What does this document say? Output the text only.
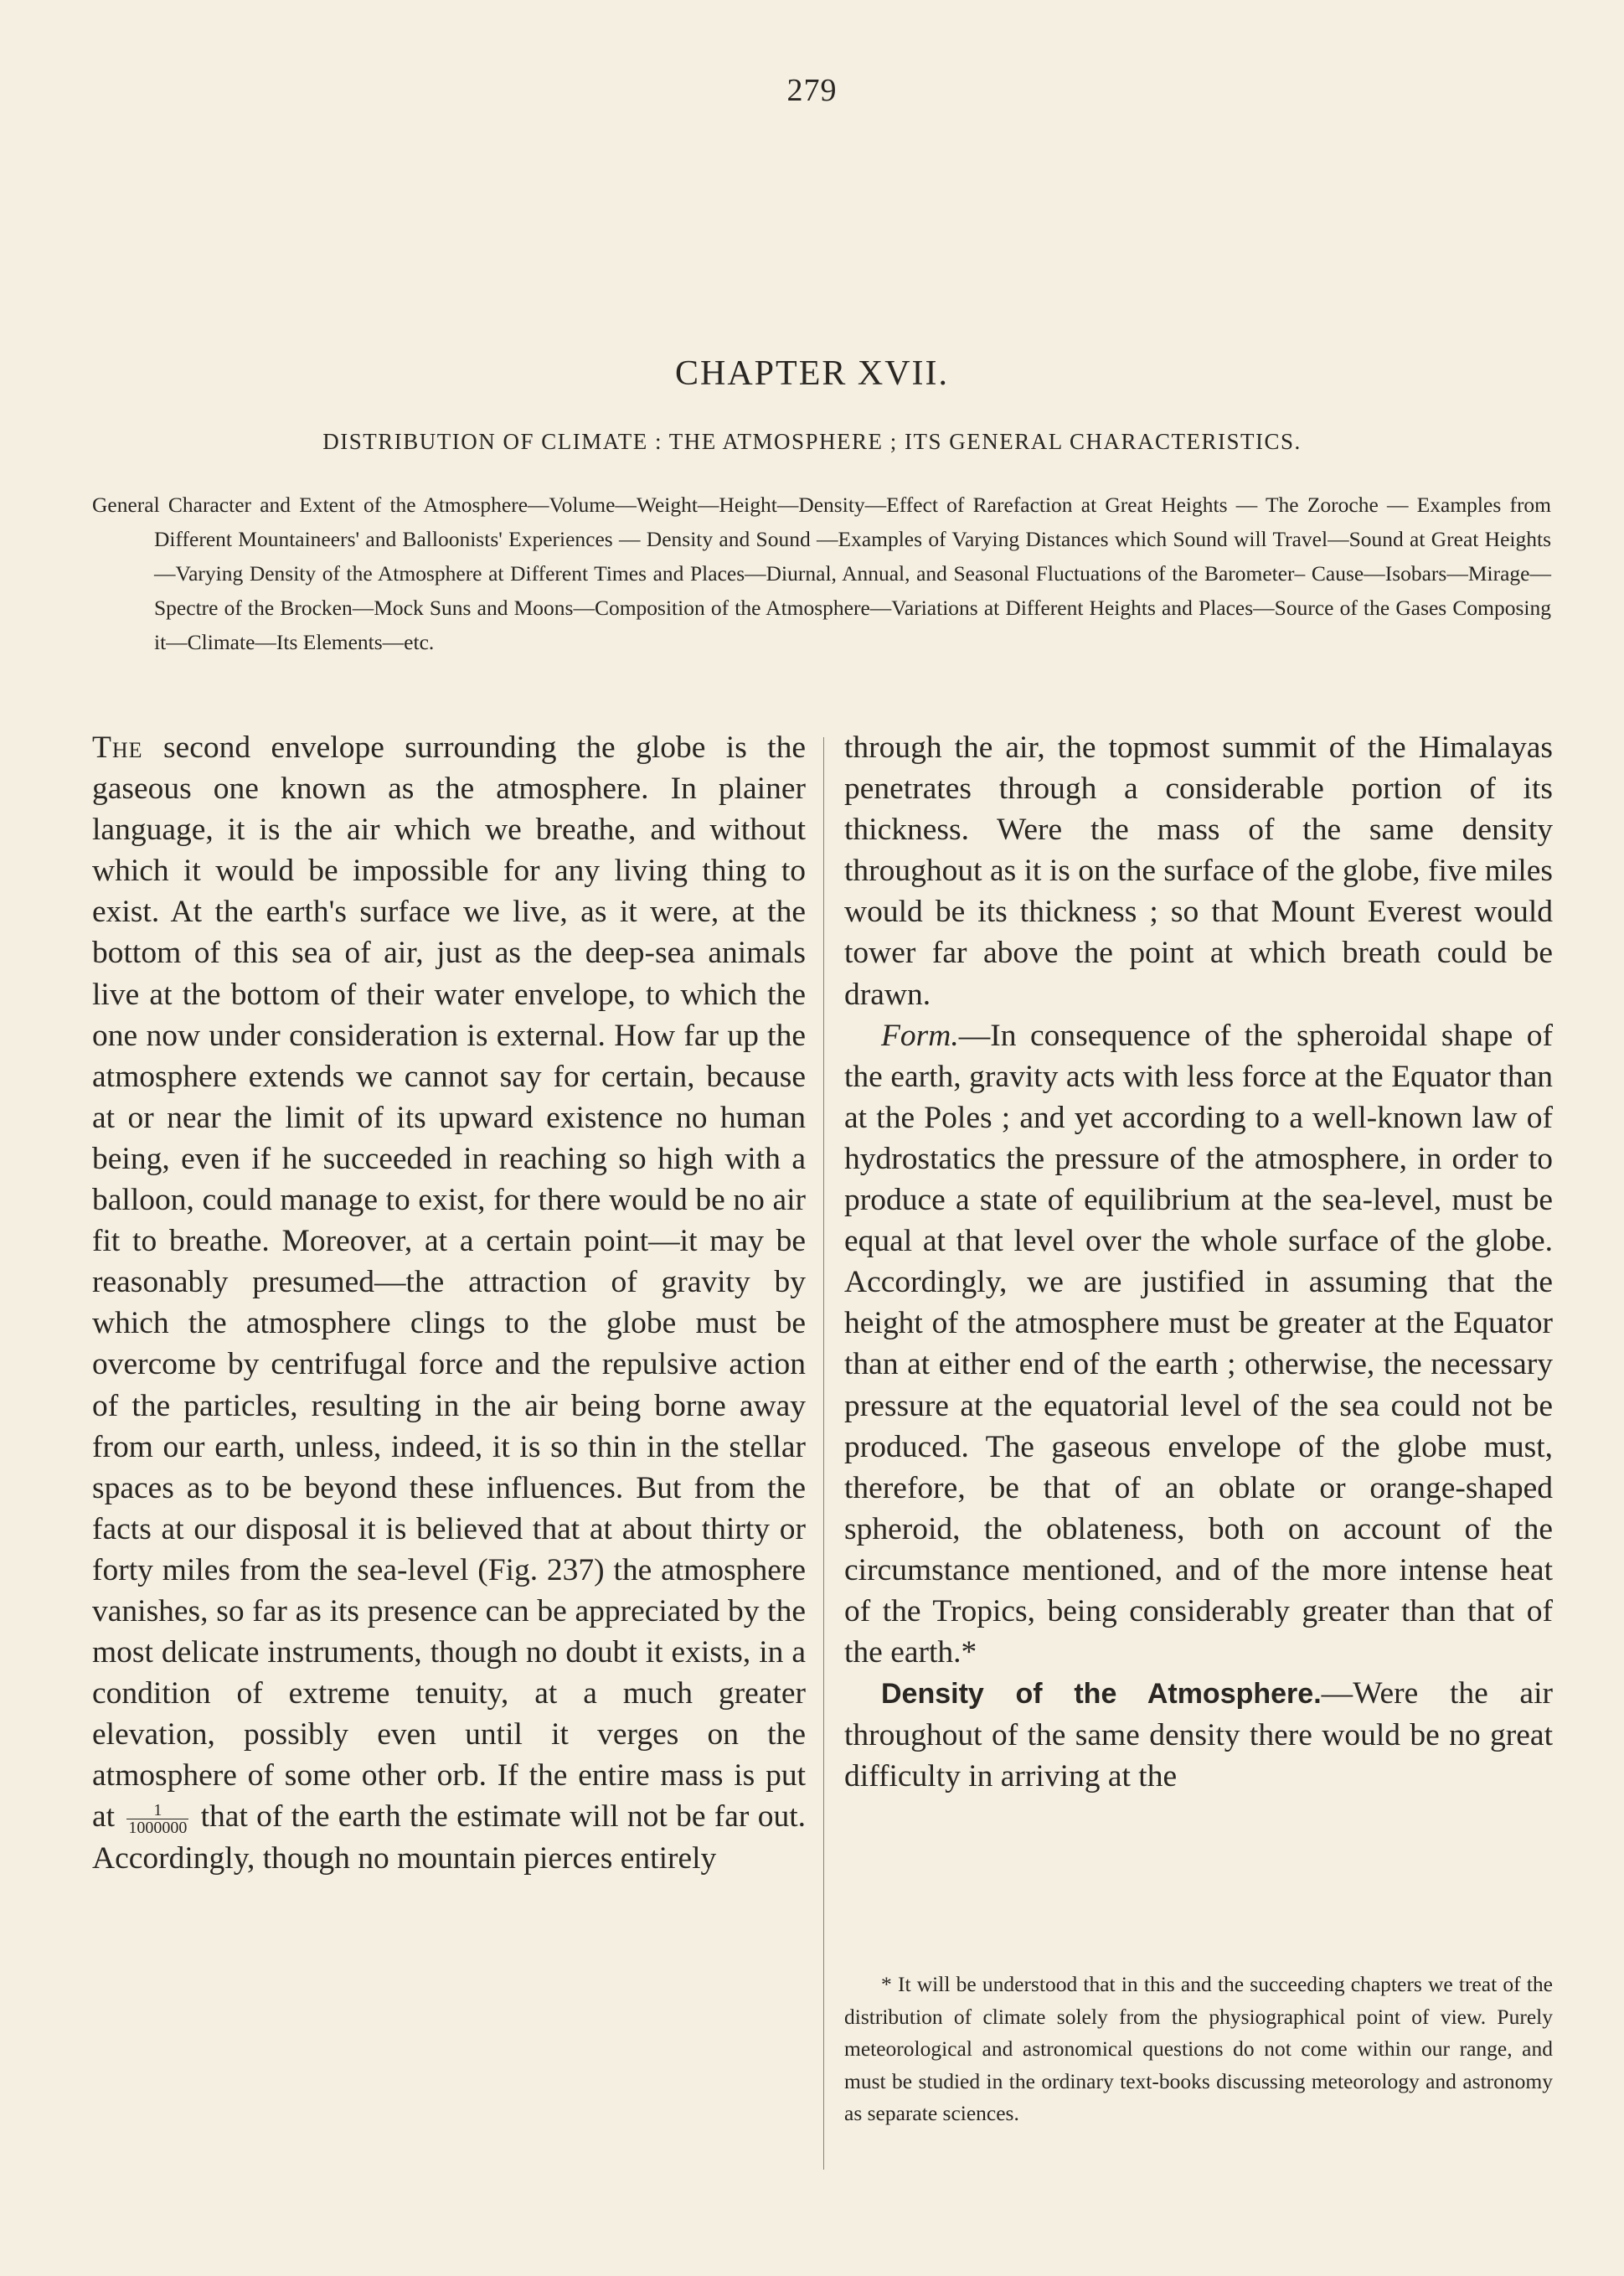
279
CHAPTER XVII.
DISTRIBUTION OF CLIMATE : THE ATMOSPHERE ; ITS GENERAL CHARACTERISTICS.
General Character and Extent of the Atmosphere—Volume—Weight—Height—Density—Effect of Rarefaction at Great Heights — The Zoroche — Examples from Different Mountaineers' and Balloonists' Experiences — Density and Sound —Examples of Varying Distances which Sound will Travel—Sound at Great Heights—Varying Density of the Atmosphere at Different Times and Places—Diurnal, Annual, and Seasonal Fluctuations of the Barometer– Cause—Isobars—Mirage—Spectre of the Brocken—Mock Suns and Moons—Composition of the Atmosphere—Variations at Different Heights and Places—Source of the Gases Composing it—Climate—Its Elements—etc.

The second envelope surrounding the globe is the gaseous one known as the atmosphere. In plainer language, it is the air which we breathe, and without which it would be impossible for any living thing to exist. At the earth's surface we live, as it were, at the bottom of this sea of air, just as the deep-sea animals live at the bottom of their water envelope, to which the one now under consideration is external. How far up the atmosphere extends we cannot say for certain, because at or near the limit of its upward existence no human being, even if he succeeded in reaching so high with a balloon, could manage to exist, for there would be no air fit to breathe. Moreover, at a certain point—it may be reasonably presumed—the attraction of gravity by which the atmosphere clings to the globe must be overcome by centrifugal force and the repulsive action of the particles, resulting in the air being borne away from our earth, unless, indeed, it is so thin in the stellar spaces as to be beyond these influences. But from the facts at our disposal it is believed that at about thirty or forty miles from the sea-level (Fig. 237) the atmosphere vanishes, so far as its presence can be appreciated by the most delicate instruments, though no doubt it exists, in a condition of extreme tenuity, at a much greater elevation, possibly even until it verges on the atmosphere of some other orb. If the entire mass is put at $\frac{1}{1000000}$ that of the earth the estimate will not be far out. Accordingly, though no mountain pierces entirely

through the air, the topmost summit of the Himalayas penetrates through a considerable portion of its thickness. Were the mass of the same density throughout as it is on the surface of the globe, five miles would be its thickness ; so that Mount Everest would tower far above the point at which breath could be drawn.

Form.—In consequence of the spheroidal shape of the earth, gravity acts with less force at the Equator than at the Poles ; and yet according to a well-known law of hydrostatics the pressure of the atmosphere, in order to produce a state of equilibrium at the sea-level, must be equal at that level over the whole surface of the globe. Accordingly, we are justified in assuming that the height of the atmosphere must be greater at the Equator than at either end of the earth ; otherwise, the necessary pressure at the equatorial level of the sea could not be produced. The gaseous envelope of the globe must, therefore, be that of an oblate or orange-shaped spheroid, the oblateness, both on account of the circumstance mentioned, and of the more intense heat of the Tropics, being considerably greater than that of the earth.*

Density of the Atmosphere.—Were the air throughout of the same density there would be no great difficulty in arriving at the

* It will be understood that in this and the succeeding chapters we treat of the distribution of climate solely from the physiographical point of view. Purely meteorological and astronomical questions do not come within our range, and must be studied in the ordinary text-books discussing meteorology and astronomy as separate sciences.
